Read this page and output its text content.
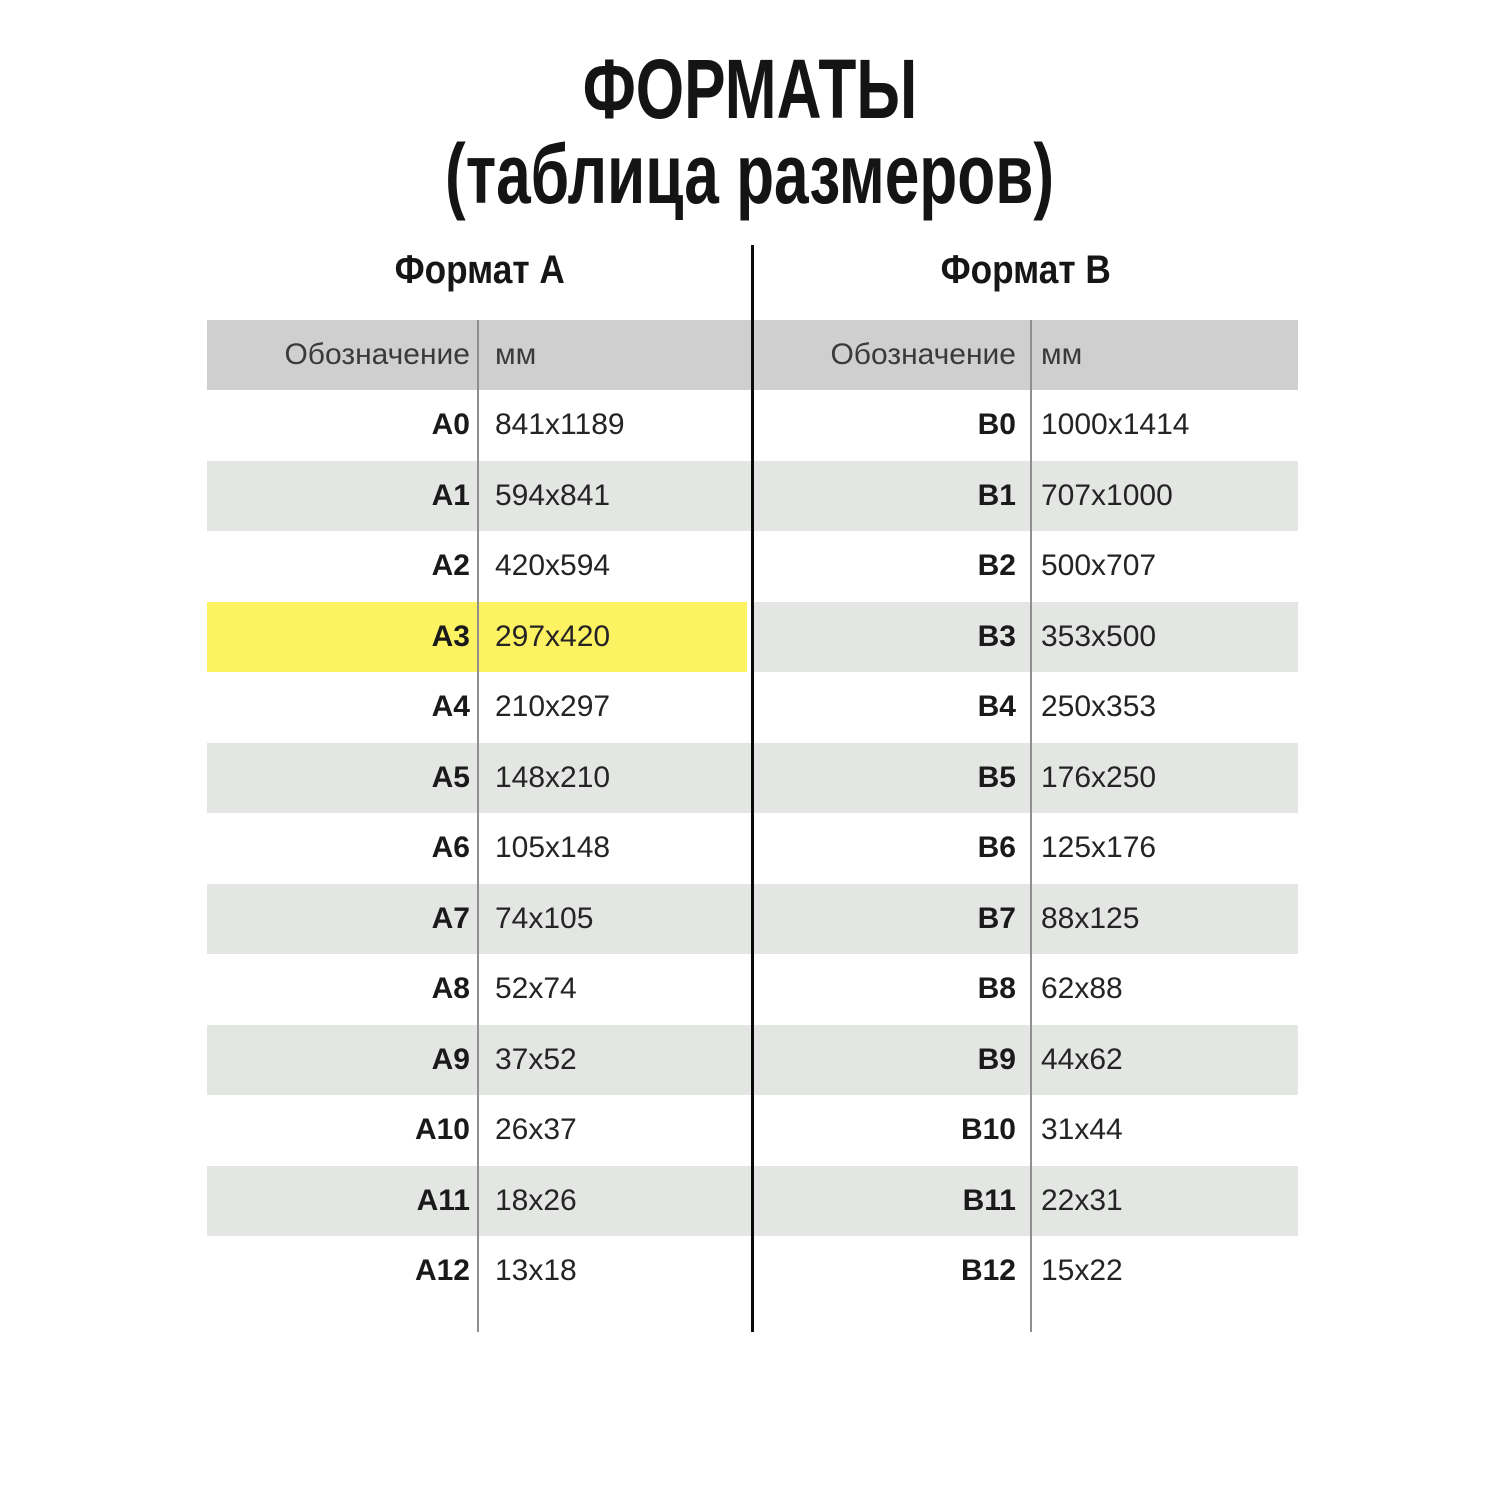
ФОРМАТЫ
(таблица размеров)
Формат А	Формат B
Обозначение мм	Обозначение мм
A0 841x1189	B0 1000x1414
A1 594x841	B1 707x1000
A2 420x594	B2 500x707
A3 297x420	B3 353x500
A4 210x297	B4 250x353
A5 148x210	B5 176x250
A6 105x148	B6 125x176
A7 74x105	B7 88x125
A8 52x74	B8 62x88
A9 37x52	B9 44x62
A10 26x37	B10 31x44
A11 18x26	B11 22x31
A12 13x18	B12 15x22
